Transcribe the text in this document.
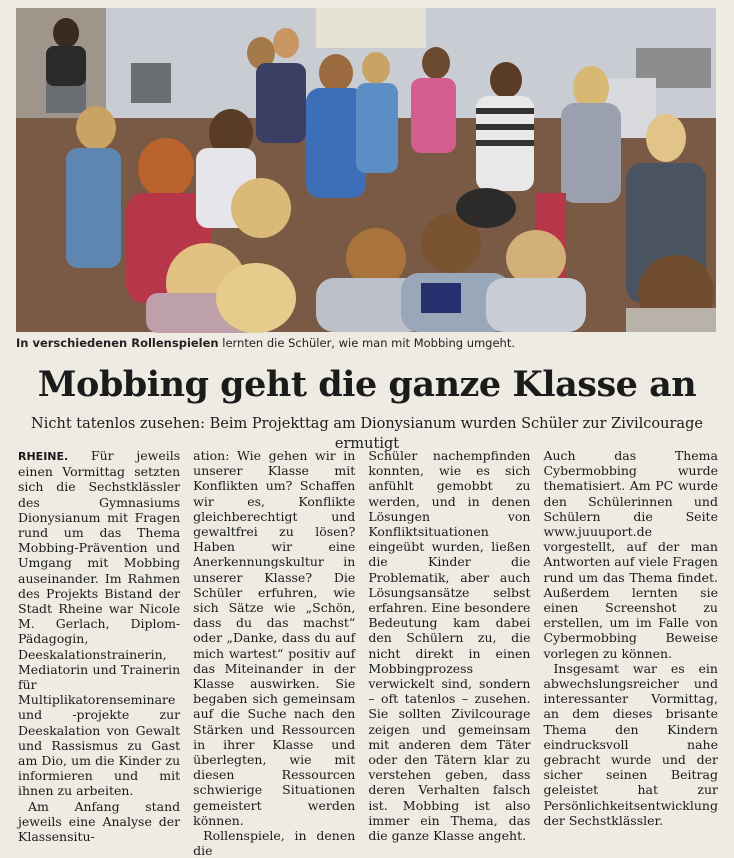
In verschiedenen Rollenspielen lernten die Schüler, wie man mit Mobbing umgeht.
Mobbing geht die ganze Klasse an
Nicht tatenlos zusehen: Beim Projekttag am Dionysianum wurden Schüler zur Zivilcourage ermutigt

RHEINE. Für jeweils einen Vormittag setzten sich die Sechstklässler des Gymnasiums Dionysianum mit Fragen rund um das Thema Mobbing-Prävention und Umgang mit Mobbing auseinander. Im Rahmen des Projekts Bistand der Stadt Rheine war Nicole M. Gerlach, Diplom-Pädagogin, Deeskalationstrainerin, Mediatorin und Trainerin für Multiplikatorenseminare und -projekte zur Deeskalation von Gewalt und Rassismus zu Gast am Dio, um die Kinder zu informieren und mit ihnen zu arbeiten.

Am Anfang stand jeweils eine Analyse der Klassensitu-

ation: Wie gehen wir in unserer Klasse mit Konflikten um? Schaffen wir es, Konflikte gleichberechtigt und gewaltfrei zu lösen? Haben wir eine Anerkennungskultur in unserer Klasse? Die Schüler erfuhren, wie sich Sätze wie „Schön, dass du das machst“ oder „Danke, dass du auf mich wartest“ positiv auf das Miteinander in der Klasse auswirken. Sie begaben sich gemeinsam auf die Suche nach den Stärken und Ressourcen in ihrer Klasse und überlegten, wie mit diesen Ressourcen schwierige Situationen gemeistert werden können.

Rollenspiele, in denen die

Schüler nachempfinden konnten, wie es sich anfühlt gemobbt zu werden, und in denen Lösungen von Konfliktsituationen eingeübt wurden, ließen die Kinder die Problematik, aber auch Lösungsansätze selbst erfahren. Eine besondere Bedeutung kam dabei den Schülern zu, die nicht direkt in einen Mobbingprozess verwickelt sind, sondern – oft tatenlos – zusehen. Sie sollten Zivilcourage zeigen und gemeinsam mit anderen dem Täter oder den Tätern klar zu verstehen geben, dass deren Verhalten falsch ist. Mobbing ist also immer ein Thema, das die ganze Klasse angeht.

Auch das Thema Cybermobbing wurde thematisiert. Am PC wurde den Schülerinnen und Schülern die Seite www.juuuport.de vorgestellt, auf der man Antworten auf viele Fragen rund um das Thema findet. Außerdem lernten sie einen Screenshot zu erstellen, um im Falle von Cybermobbing Beweise vorlegen zu können.

Insgesamt war es ein abwechslungsreicher und interessanter Vormittag, an dem dieses brisante Thema den Kindern eindrucksvoll nahe gebracht wurde und der sicher seinen Beitrag geleistet hat zur Persönlichkeitsentwicklung der Sechstklässler.
